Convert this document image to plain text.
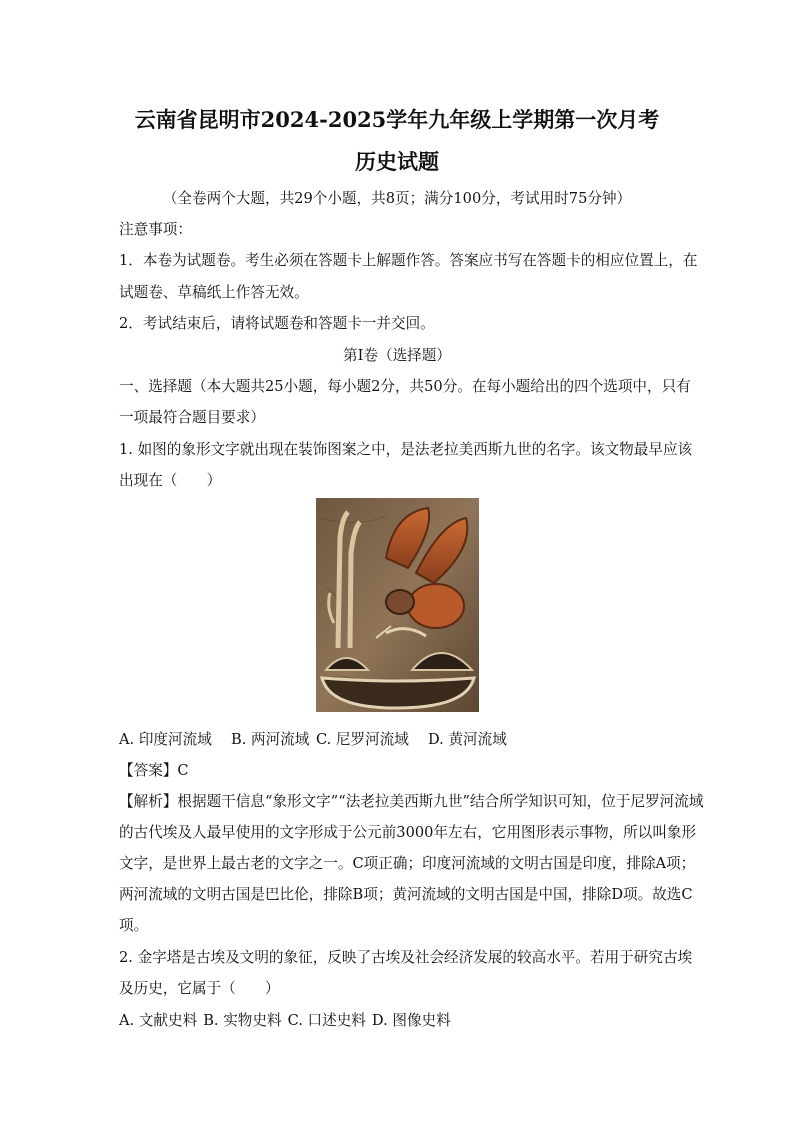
云南省昆明市2024-2025学年九年级上学期第一次月考
历史试题
（全卷两个大题，共29个小题，共8页；满分100分，考试用时75分钟）
注意事项：
1．本卷为试题卷。考生必须在答题卡上解题作答。答案应书写在答题卡的相应位置上，在
试题卷、草稿纸上作答无效。
2．考试结束后，请将试题卷和答题卡一并交回。
第Ⅰ卷（选择题）
一、选择题（本大题共25小题，每小题2分，共50分。在每小题给出的四个选项中，只有
一项最符合题目要求）
1. 如图的象形文字就出现在装饰图案之中，是法老拉美西斯九世的名字。该文物最早应该
出现在（　　）
A. 印度河流域 B. 两河流域 C. 尼罗河流域 D. 黄河流域
【答案】C
【解析】根据题干信息“象形文字”“法老拉美西斯九世”结合所学知识可知，位于尼罗河流域
的古代埃及人最早使用的文字形成于公元前3000年左右，它用图形表示事物，所以叫象形
文字，是世界上最古老的文字之一。C项正确；印度河流域的文明古国是印度，排除A项；
两河流域的文明古国是巴比伦，排除B项；黄河流域的文明古国是中国，排除D项。故选C
项。
2. 金字塔是古埃及文明的象征，反映了古埃及社会经济发展的较高水平。若用于研究古埃
及历史，它属于（　　）
A. 文献史料 B. 实物史料 C. 口述史料 D. 图像史料
